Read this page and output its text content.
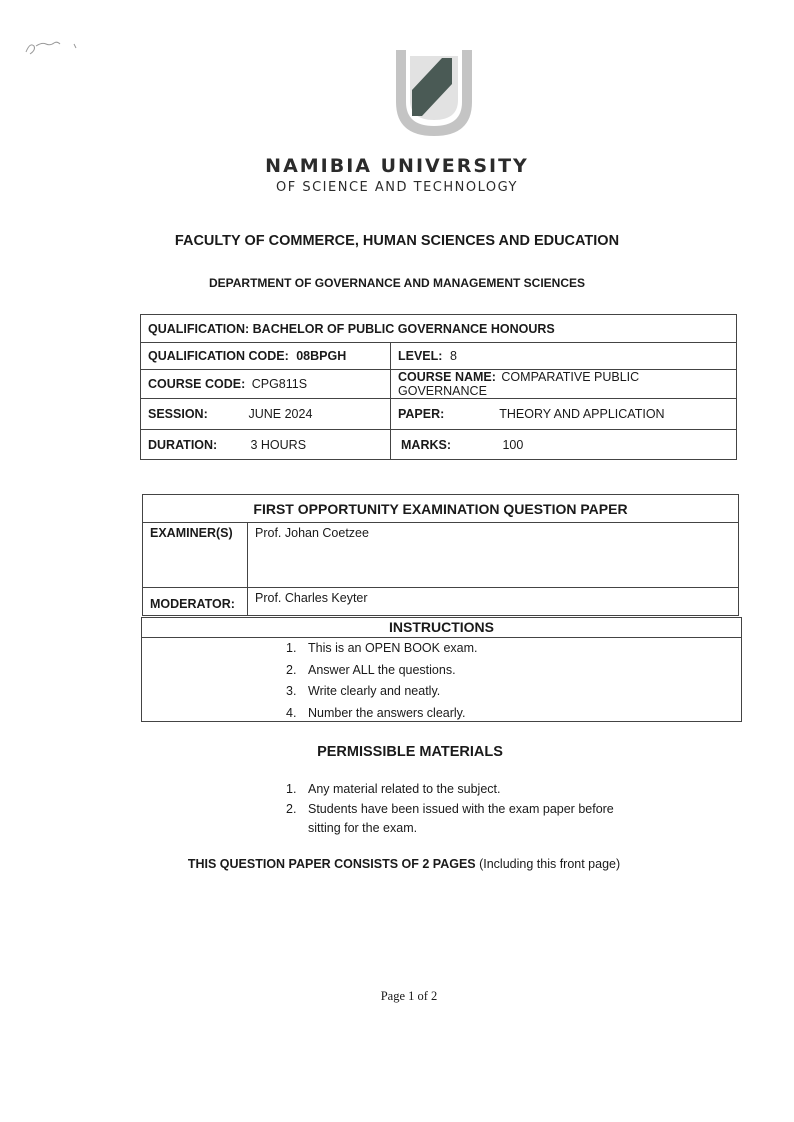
NAMIBIA UNIVERSITY
OF SCIENCE AND TECHNOLOGY
FACULTY OF COMMERCE, HUMAN SCIENCES AND EDUCATION
DEPARTMENT OF GOVERNANCE AND MANAGEMENT SCIENCES
QUALIFICATION: BACHELOR OF PUBLIC GOVERNANCE HONOURS	
QUALIFICATION CODE: 08BPGH	LEVEL: 8
COURSE CODE: CPG811S	COURSE NAME: COMPARATIVE PUBLIC GOVERNANCE
SESSION: JUNE 2024	PAPER: THEORY AND APPLICATION
DURATION: 3 HOURS	MARKS: 100
FIRST OPPORTUNITY EXAMINATION QUESTION PAPER	
EXAMINER(S)	Prof. Johan Coetzee
MODERATOR:	Prof. Charles Keyter
INSTRUCTIONS
1. This is an OPEN BOOK exam.
2. Answer ALL the questions.
3. Write clearly and neatly.
4. Number the answers clearly.
PERMISSIBLE MATERIALS
1. Any material related to the subject.
2. Students have been issued with the exam paper before
sitting for the exam.
THIS QUESTION PAPER CONSISTS OF 2 PAGES (Including this front page)
Page 1 of 2
